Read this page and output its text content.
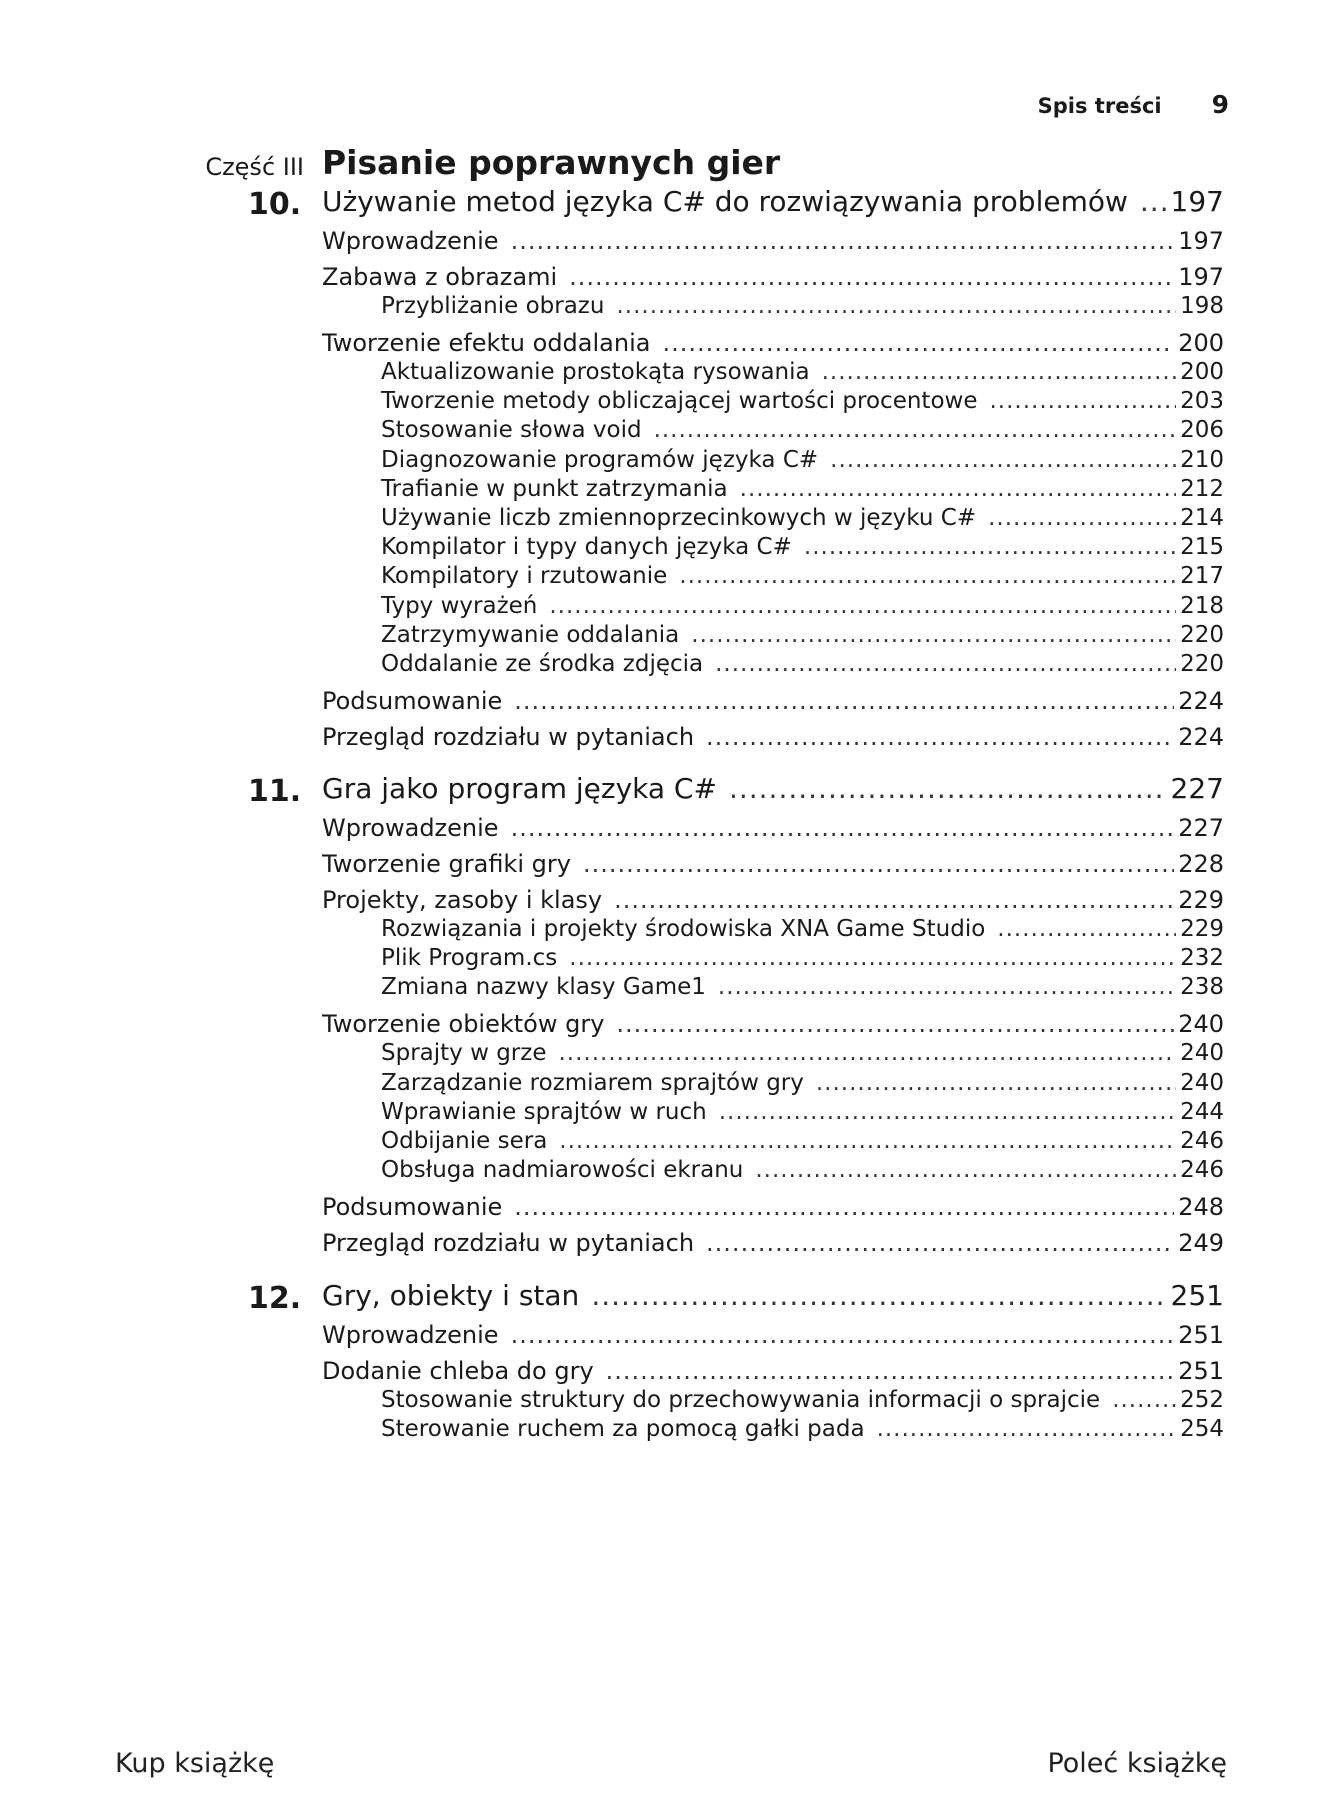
Spis treści 9
Część III Pisanie poprawnych gier
10. Używanie metod języka C# do rozwiązywania problemów ..... 197
Wprowadzenie .....	197
Zabawa z obrazami .....	197
Przybliżanie obrazu .....	198
Tworzenie efektu oddalania .....	200
Aktualizowanie prostokąta rysowania .....	200
Tworzenie metody obliczającej wartości procentowe .....	203
Stosowanie słowa void .....	206
Diagnozowanie programów języka C# .....	210
Trafianie w punkt zatrzymania .....	212
Używanie liczb zmiennoprzecinkowych w języku C# .....	214
Kompilator i typy danych języka C# .....	215
Kompilatory i rzutowanie .....	217
Typy wyrażeń .....	218
Zatrzymywanie oddalania .....	220
Oddalanie ze środka zdjęcia .....	220
Podsumowanie .....	224
Przegląd rozdziału w pytaniach .....	224
11. Gra jako program języka C# .....	227
Wprowadzenie .....	227
Tworzenie grafiki gry .....	228
Projekty, zasoby i klasy .....	229
Rozwiązania i projekty środowiska XNA Game Studio .....	229
Plik Program.cs .....	232
Zmiana nazwy klasy Game1 .....	238
Tworzenie obiektów gry .....	240
Sprajty w grze .....	240
Zarządzanie rozmiarem sprajtów gry .....	240
Wprawianie sprajtów w ruch .....	244
Odbijanie sera .....	246
Obsługa nadmiarowości ekranu .....	246
Podsumowanie .....	248
Przegląd rozdziału w pytaniach .....	249
12. Gry, obiekty i stan .....	251
Wprowadzenie .....	251
Dodanie chleba do gry .....	251
Stosowanie struktury do przechowywania informacji o sprajcie .....	252
Sterowanie ruchem za pomocą gałki pada .....	254
Kup książkę	Poleć książkę
